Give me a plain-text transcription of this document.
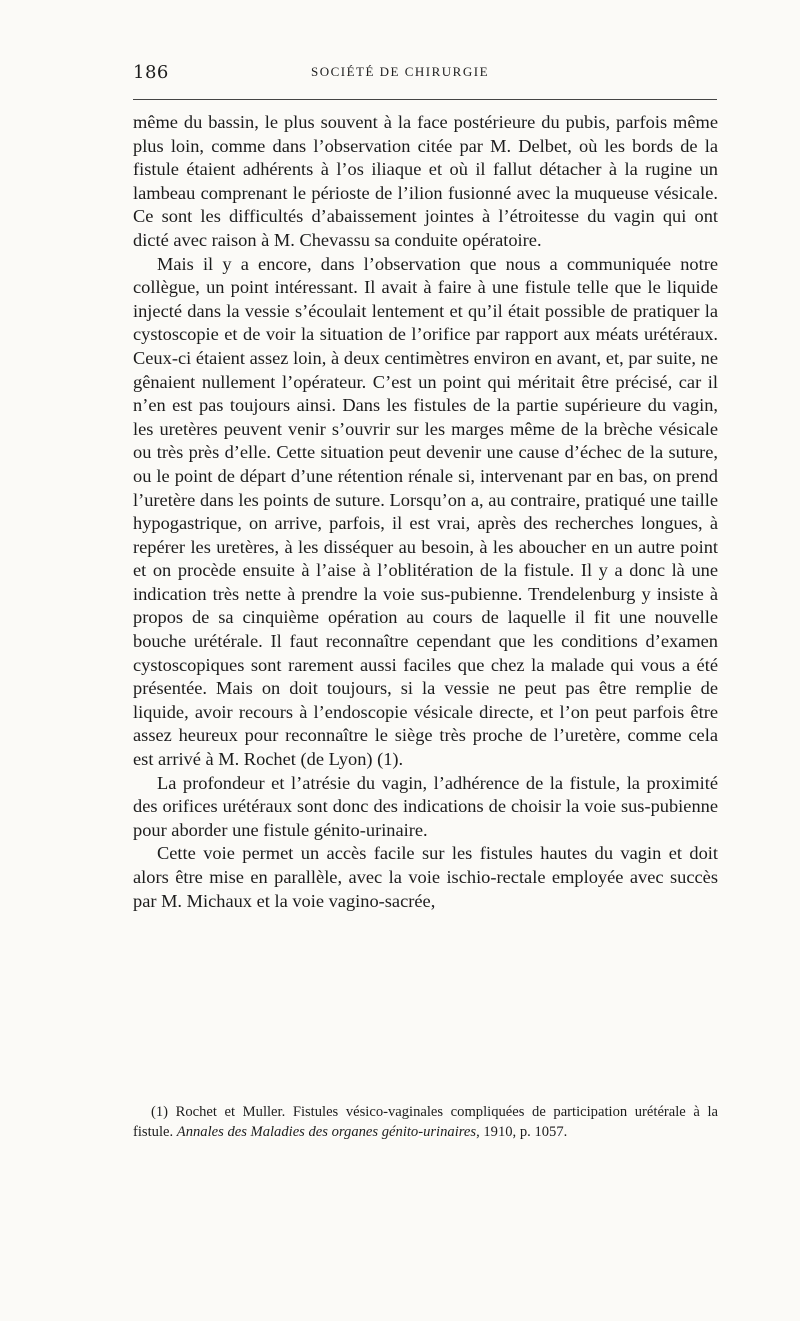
186	SOCIÉTÉ DE CHIRURGIE

même du bassin, le plus souvent à la face postérieure du pubis, parfois même plus loin, comme dans l’observation citée par M. Delbet, où les bords de la fistule étaient adhérents à l’os iliaque et où il fallut détacher à la rugine un lambeau comprenant le périoste de l’ilion fusionné avec la muqueuse vésicale. Ce sont les difficultés d’abaissement jointes à l’étroitesse du vagin qui ont dicté avec raison à M. Chevassu sa conduite opératoire.

Mais il y a encore, dans l’observation que nous a communiquée notre collègue, un point intéressant. Il avait à faire à une fistule telle que le liquide injecté dans la vessie s’écoulait lentement et qu’il était possible de pratiquer la cystoscopie et de voir la situation de l’orifice par rapport aux méats urétéraux. Ceux-ci étaient assez loin, à deux centimètres environ en avant, et, par suite, ne gênaient nullement l’opérateur. C’est un point qui méritait être précisé, car il n’en est pas toujours ainsi. Dans les fistules de la partie supérieure du vagin, les uretères peuvent venir s’ouvrir sur les marges même de la brèche vésicale ou très près d’elle. Cette situation peut devenir une cause d’échec de la suture, ou le point de départ d’une rétention rénale si, intervenant par en bas, on prend l’uretère dans les points de suture. Lorsqu’on a, au contraire, pratiqué une taille hypogastrique, on arrive, parfois, il est vrai, après des recherches longues, à repérer les uretères, à les disséquer au besoin, à les aboucher en un autre point et on procède ensuite à l’aise à l’oblitération de la fistule. Il y a donc là une indication très nette à prendre la voie sus-pubienne. Trendelenburg y insiste à propos de sa cinquième opération au cours de laquelle il fit une nouvelle bouche urétérale. Il faut reconnaître cependant que les conditions d’examen cystoscopiques sont rarement aussi faciles que chez la malade qui vous a été présentée. Mais on doit toujours, si la vessie ne peut pas être remplie de liquide, avoir recours à l’endoscopie vésicale directe, et l’on peut parfois être assez heureux pour reconnaître le siège très proche de l’uretère, comme cela est arrivé à M. Rochet (de Lyon) (1).

La profondeur et l’atrésie du vagin, l’adhérence de la fistule, la proximité des orifices urétéraux sont donc des indications de choisir la voie sus-pubienne pour aborder une fistule génito-urinaire.

Cette voie permet un accès facile sur les fistules hautes du vagin et doit alors être mise en parallèle, avec la voie ischio-rectale employée avec succès par M. Michaux et la voie vagino-sacrée,

(1) Rochet et Muller. Fistules vésico-vaginales compliquées de participation urétérale à la fistule. Annales des Maladies des organes génito-urinaires, 1910, p. 1057.
